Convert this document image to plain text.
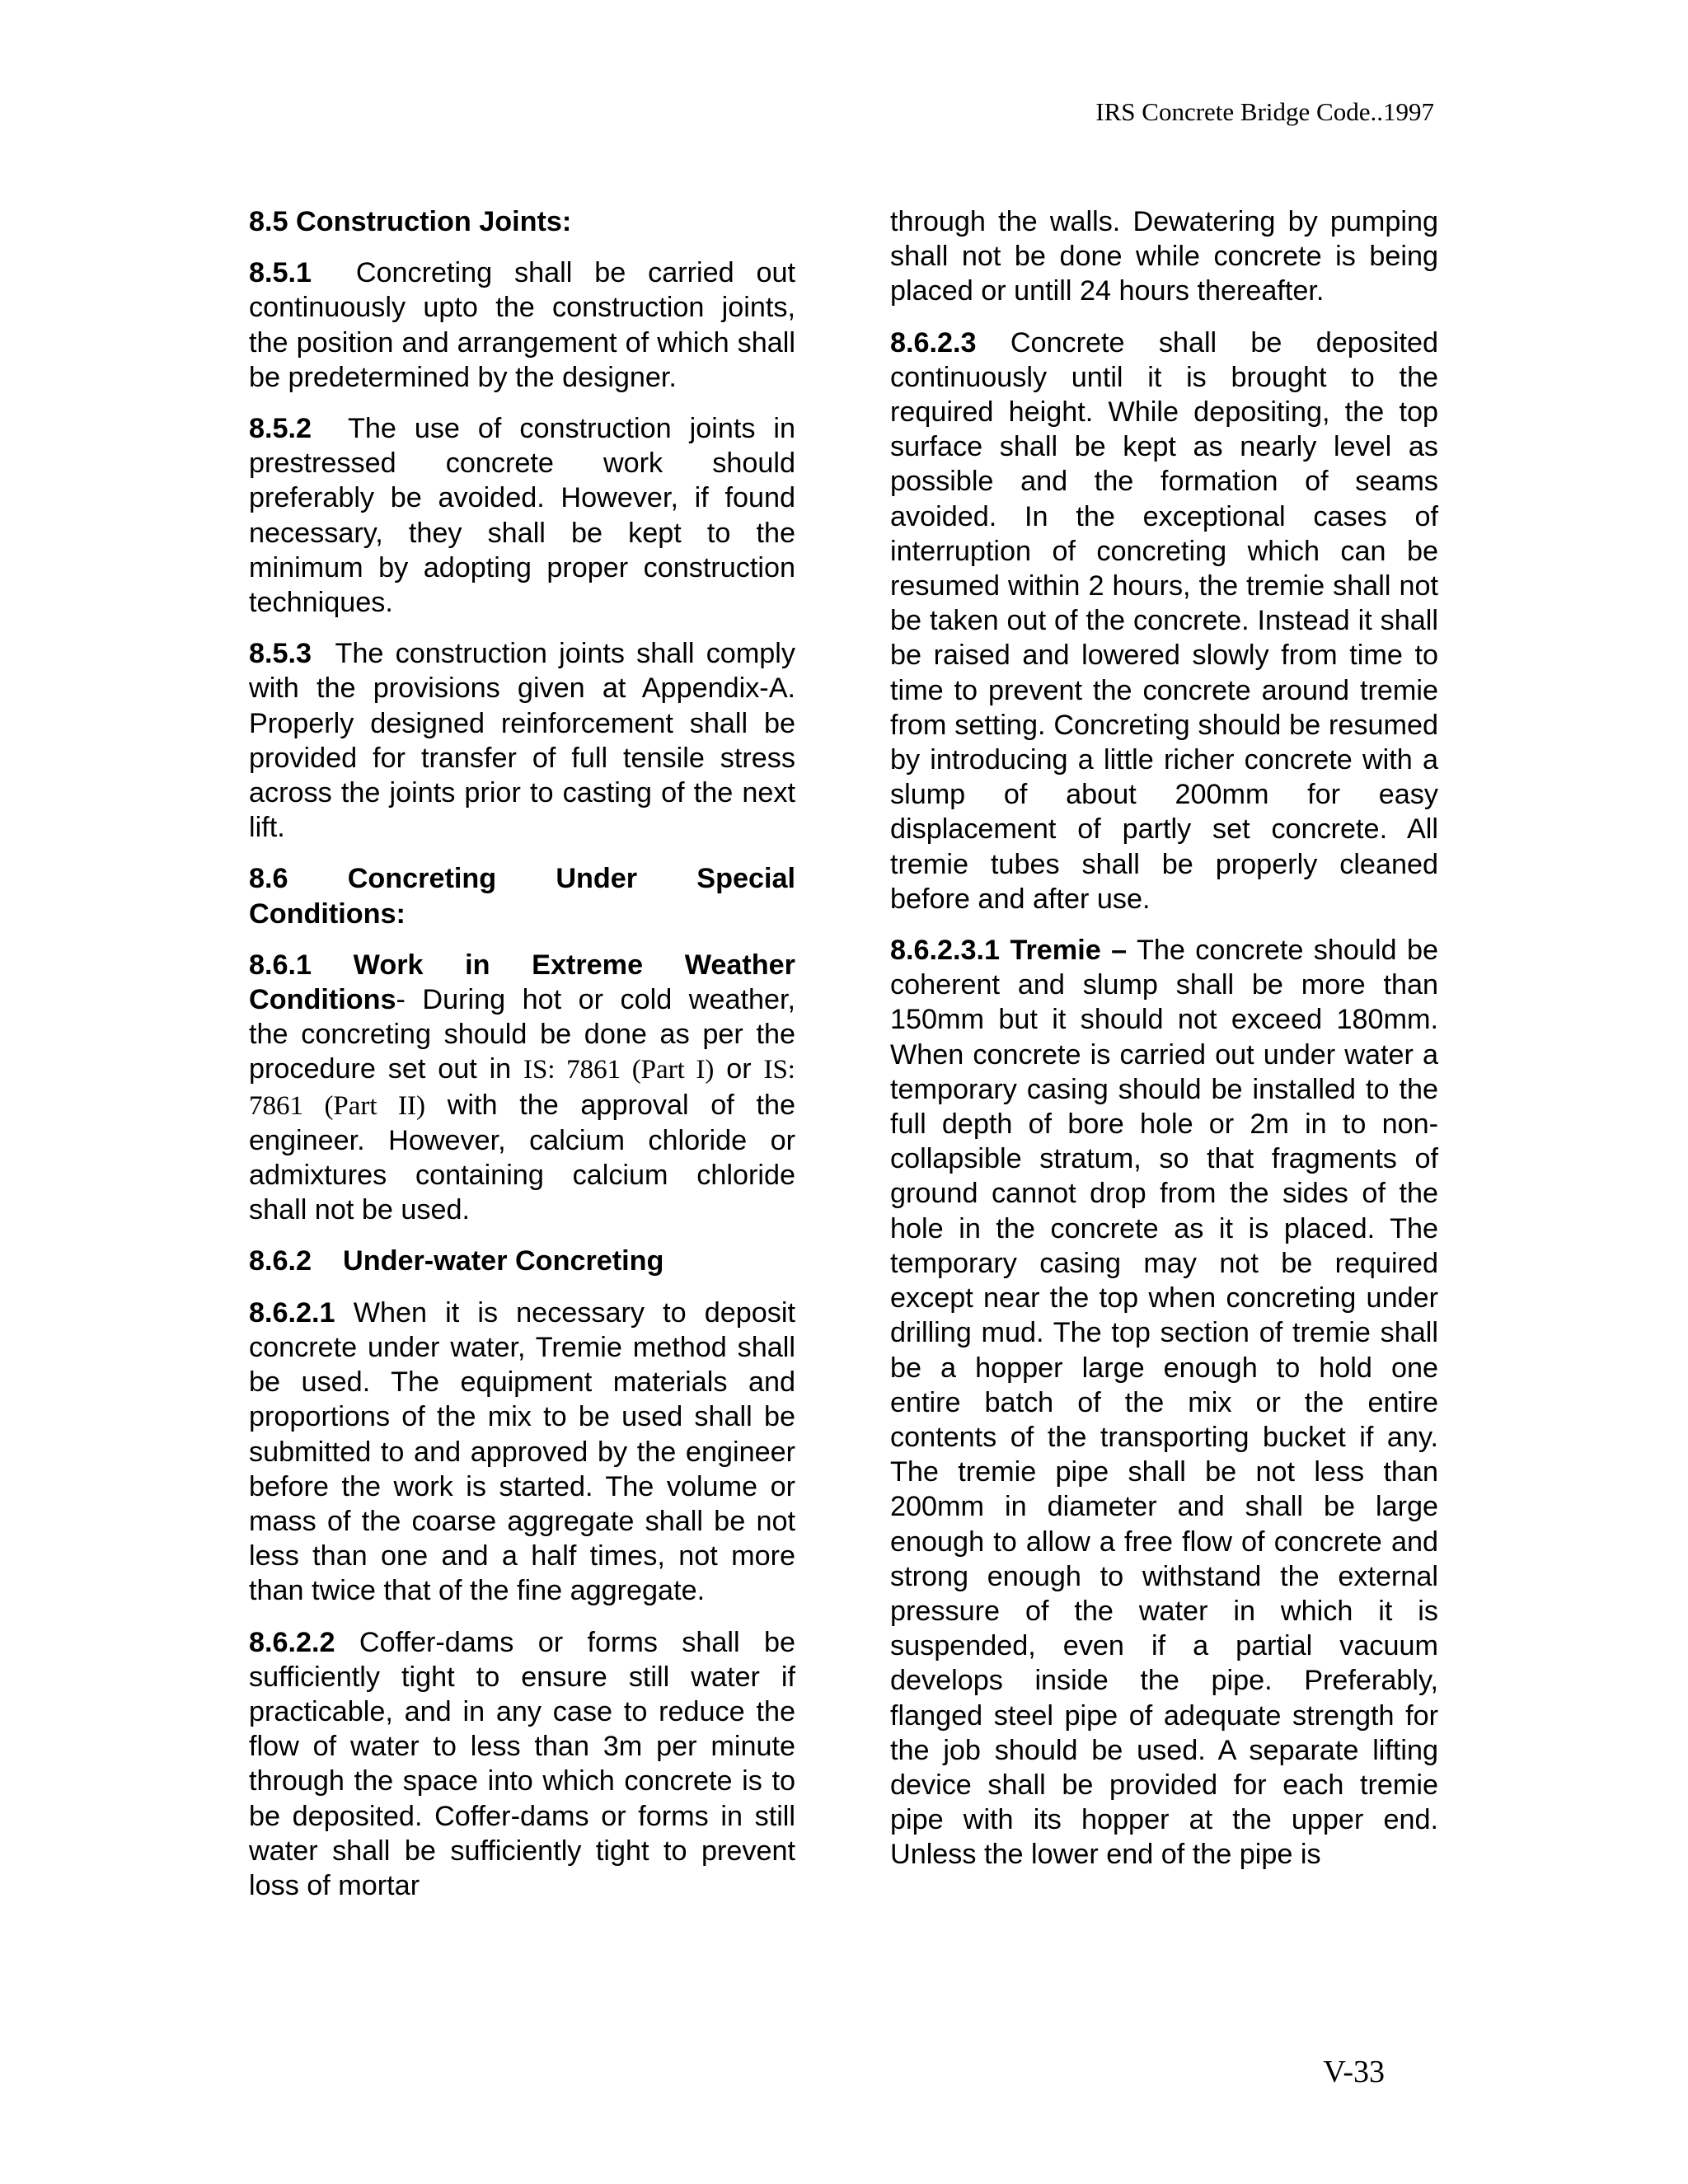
IRS Concrete Bridge Code..1997
8.5 Construction Joints:

8.5.1 Concreting shall be carried out continuously upto the construction joints, the position and arrangement of which shall be predetermined by the designer.

8.5.2 The use of construction joints in prestressed concrete work should preferably be avoided. However, if found necessary, they shall be kept to the minimum by adopting proper construction techniques.

8.5.3 The construction joints shall comply with the provisions given at Appendix-A. Properly designed reinforcement shall be provided for transfer of full tensile stress across the joints prior to casting of the next lift.

8.6 Concreting Under Special
Conditions:

8.6.1 Work in Extreme Weather Conditions- During hot or cold weather, the concreting should be done as per the procedure set out in IS: 7861 (Part I) or IS: 7861 (Part II) with the approval of the engineer. However, calcium chloride or admixtures containing calcium chloride shall not be used.

8.6.2    Under-water Concreting

8.6.2.1 When it is necessary to deposit concrete under water, Tremie method shall be used. The equipment materials and proportions of the mix to be used shall be submitted to and approved by the engineer before the work is started. The volume or mass of the coarse aggregate shall be not less than one and a half times, not more than twice that of the fine aggregate.

8.6.2.2 Coffer-dams or forms shall be sufficiently tight to ensure still water if practicable, and in any case to reduce the flow of water to less than 3m per minute through the space into which concrete is to be deposited. Coffer-dams or forms in still water shall be sufficiently tight to prevent loss of mortar

through the walls. Dewatering by pumping shall not be done while concrete is being placed or untill 24 hours thereafter.

8.6.2.3 Concrete shall be deposited continuously until it is brought to the required height. While depositing, the top surface shall be kept as nearly level as possible and the formation of seams avoided. In the exceptional cases of interruption of concreting which can be resumed within 2 hours, the tremie shall not be taken out of the concrete. Instead it shall be raised and lowered slowly from time to time to prevent the concrete around tremie from setting. Concreting should be resumed by introducing a little richer concrete with a slump of about 200mm for easy displacement of partly set concrete. All tremie tubes shall be properly cleaned before and after use.

8.6.2.3.1 Tremie – The concrete should be coherent and slump shall be more than 150mm but it should not exceed 180mm. When concrete is carried out under water a temporary casing should be installed to the full depth of bore hole or 2m in to non-collapsible stratum, so that fragments of ground cannot drop from the sides of the hole in the concrete as it is placed. The temporary casing may not be required except near the top when concreting under drilling mud. The top section of tremie shall be a hopper large enough to hold one entire batch of the mix or the entire contents of the transporting bucket if any. The tremie pipe shall be not less than 200mm in diameter and shall be large enough to allow a free flow of concrete and strong enough to withstand the external pressure of the water in which it is suspended, even if a partial vacuum develops inside the pipe. Preferably, flanged steel pipe of adequate strength for the job should be used. A separate lifting device shall be provided for each tremie pipe with its hopper at the upper end. Unless the lower end of the pipe is

V-33
